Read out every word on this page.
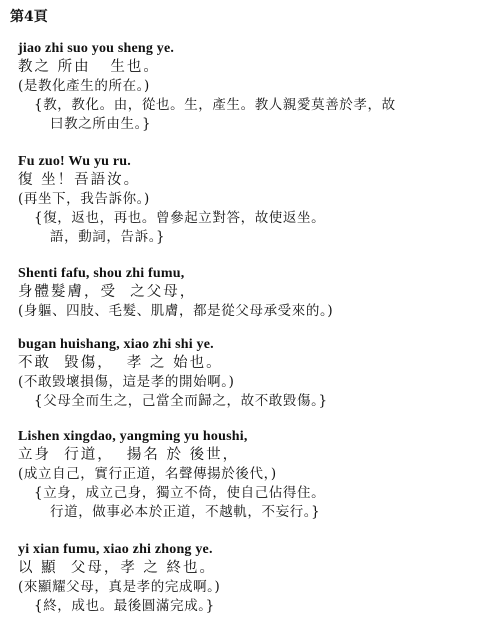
第4頁
jiao zhi suo you sheng ye.
教之 所由   生也。
(是教化產生的所在。)
{教，教化。由，從也。生，產生。教人親愛莫善於孝，故
曰教之所由生。}
Fu zuo! Wu yu ru.
復 坐！吾語汝。
(再坐下，我告訴你。)
{復，返也，再也。曾參起立對答，故使返坐。
語，動詞，告訴。}
Shenti fafu, shou zhi fumu,
身體髮膚，受  之父母，
(身軀、四肢、毛髮、肌膚，都是從父母承受來的。)
bugan huishang, xiao zhi shi ye.
不敢  毀傷，  孝 之 始也。
(不敢毀壞損傷，這是孝的開始啊。)
{父母全而生之，己當全而歸之，故不敢毀傷。}
Lishen xingdao, yangming yu houshi,
立身  行道，  揚名 於 後世，
(成立自己，實行正道，名聲傳揚於後代，)
{立身，成立己身，獨立不倚，使自己佔得住。
行道，做事必本於正道，不越軌，不妄行。}
yi xian fumu, xiao zhi zhong ye.
以 顯  父母，孝 之 終也。
(來顯耀父母，真是孝的完成啊。)
{終，成也。最後圓滿完成。}
